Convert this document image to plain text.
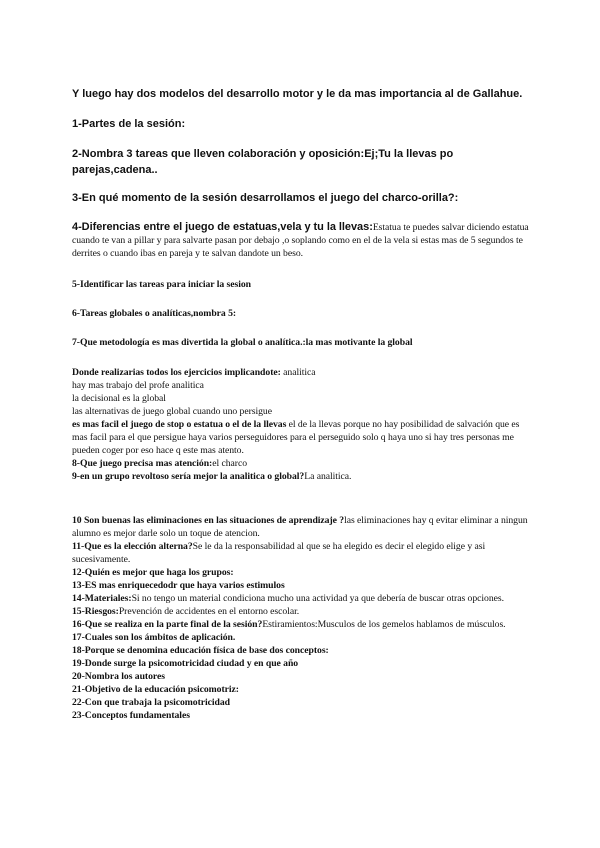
Y luego hay dos modelos del desarrollo motor y le da mas importancia al de Gallahue.

1-Partes de la sesión:

2-Nombra 3 tareas que lleven colaboración y oposición:Ej;Tu la llevas po parejas,cadena..

3-En qué momento de la sesión desarrollamos el juego del charco-orilla?:

4-Diferencias entre el juego de estatuas,vela y tu la llevas:Estatua te puedes salvar diciendo estatua cuando te van a pillar y para salvarte pasan por debajo ,o soplando como en el de la vela si estas mas de 5 segundos te derrites o cuando ibas en pareja y te salvan dandote un beso.

5-Identificar las tareas para iniciar la sesion

6-Tareas globales o analíticas,nombra 5:

7-Que metodología es mas divertida la global o analítica.:la mas motivante la global

Donde realizarias todos los ejercicios implicandote: analitica

hay mas trabajo del profe analitica

la decisional es la global

las alternativas de juego global cuando uno persigue

es mas facil el juego de stop o estatua o el de la llevas el de la llevas porque no hay posibilidad de salvación que es mas facil para el que persigue haya varios perseguidores para el perseguido solo q haya uno si hay tres personas me pueden coger por eso hace q este mas atento.

8-Que juego precisa mas atención:el charco

9-en un grupo revoltoso sería mejor la analitica o global?La analitica.

10 Son buenas las eliminaciones en las situaciones de aprendizaje ?las eliminaciones hay q evitar eliminar a ningun alumno es mejor darle solo un toque de atencion.

11-Que es la elección alterna?Se le da la responsabilidad al que se ha elegido es decir el elegido elige y asi sucesivamente.

12-Quién es mejor que haga los grupos:

13-ES mas enriquecedodr que haya varios estimulos

14-Materiales:Si no tengo un material condiciona mucho una actividad ya que debería de buscar otras opciones.

15-Riesgos:Prevención de accidentes en el entorno escolar.

16-Que se realiza en la parte final de la sesión?Estiramientos:Musculos de los gemelos hablamos de músculos.

17-Cuales son los ámbitos de aplicación.

18-Porque se denomina educación física de base dos conceptos:

19-Donde surge la psicomotricidad ciudad y en que año

20-Nombra los autores

21-Objetivo de la educación psicomotriz:

22-Con que trabaja la psicomotricidad

23-Conceptos fundamentales
